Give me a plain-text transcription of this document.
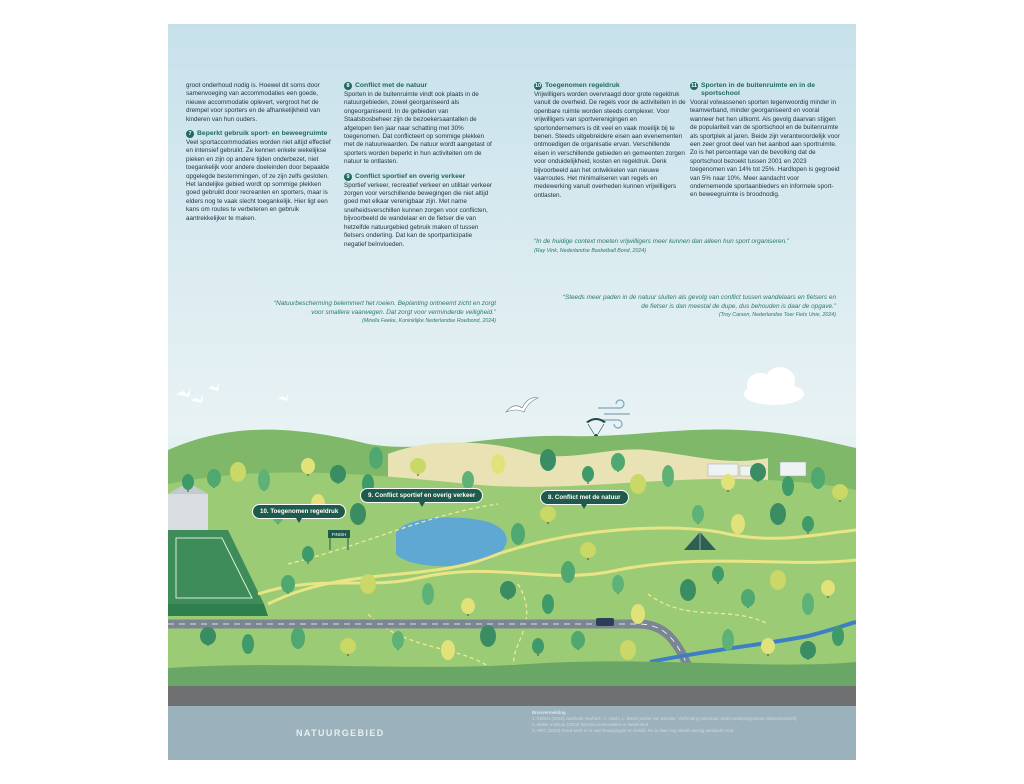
groot onderhoud nodig is. Hoewel dit soms door samenvoeging van accommodaties een goede, nieuwe accommodatie oplevert, vergroot het de drempel voor sporters en de afhankelijkheid van kinderen van hun ouders.

7 Beperkt gebruik sport- en beweegruimte

Veel sportaccommodaties worden niet altijd effectief en intensief gebruikt. Ze kennen enkele wekelijkse pieken en zijn op andere tijden onderbezet, niet toegankelijk voor andere doeleinden door bepaalde opgelegde bestemmingen, of ze zijn zelfs gesloten. Het landelijke gebied wordt op sommige plekken goed gebruikt door recreanten en sporters, maar is elders nog te vaak slecht toegankelijk. Hier ligt een kans om routes te verbeteren en gebruik aantrekkelijker te maken.

8 Conflict met de natuur

Sporten in de buitenruimte vindt ook plaats in de natuurgebieden, zowel georganiseerd als ongeorganiseerd. In de gebieden van Staatsbosbeheer zijn de bezoekersaantallen de afgelopen tien jaar naar schatting met 30% toegenomen. Dat conflicteert op sommige plekken met de natuurwaarden. De natuur wordt aangetast of sporters worden beperkt in hun activiteiten om de natuur te ontlasten.

9 Conflict sportief en overig verkeer

Sportief verkeer, recreatief verkeer en utilitair verkeer zorgen voor verschillende bewegingen die niet altijd goed met elkaar verenigbaar zijn. Met name snelheidsverschillen kunnen zorgen voor conflicten, bijvoorbeeld de wandelaar en de fietser die van hetzelfde natuurgebied gebruik maken of tussen fietsers onderling. Dat kan de sportparticipatie negatief beïnvloeden.

10 Toegenomen regeldruk

Vrijwilligers worden overvraagd door grote regeldruk vanuit de overheid. De regels voor de activiteiten in de openbare ruimte worden steeds complexer. Voor vrijwilligers van sportverenigingen en sportondernemers is dit veel en vaak moeilijk bij te benen. Steeds uitgebreidere eisen aan evenementen ontmoedigen de organisatie ervan. Verschillende eisen in verschillende gebieden en gemeenten zorgen voor onduidelijkheid, kosten en regeldruk. Denk bijvoorbeeld aan het ontwikkelen van nieuwe vaarroutes. Het minimaliseren van regels en medewerking vanuit overheden kunnen vrijwilligers ontlasten.

11 Sporten in de buitenruimte en in de sportschool

Vooral volwassenen sporten tegenwoordig minder in teamverband, minder georganiseerd en vooral wanneer het hen uitkomt. Als gevolg daarvan stijgen de populariteit van de sportschool en de buitenruimte als sportplek al jaren. Beide zijn verantwoordelijk voor een zeer groot deel van het aanbod aan sportruimte. Zo is het percentage van de bevolking dat de sportschool bezoekt tussen 2001 en 2023 toegenomen van 14% tot 25%. Hardlopen is gegroeid van 5% naar 10%. Meer aandacht voor ondernemende sportaanbieders en informele sport- en beweegruimte is broodnodig.

“In de huidige context moeten vrijwilligers meer kunnen dan alleen hun sport organiseren.”
(Ray Vink, Nederlandse Basketball Bond, 2024)
“Natuurbescherming belemmert het roeien. Beplanting ontneemt zicht en zorgt voor smallere vaarwegen. Dat zorgt voor verminderde veiligheid.”
(Mirella Feeke, Koninklijke Nederlandse Roeibond, 2024)
“Steeds meer paden in de natuur sluiten als gevolg van conflict tussen wandelaars en fietsers en de fietser is dan meestal de dupe, dus behouden is daar de opgave.”
(Troy Carsen, Nederlandse Toer Fiets Unie, 2024)
FINISH
10. Toegenomen regeldruk
9. Conflict sportief en overig verkeer	8. Conflict met de natuur
NATUURGEBIED
Bronvermelding
1. KNWU (2023) Jaarboek NvvhwS, C. Abels, L. Beek (online via: website: Verbreding nationaal onderzoeksprogramma Natuurinclusief).
2. Mulier Instituut (2023) Sportaccommodaties in Nederland.
3. NRC (2024) Goed werk te in veel bewegingen en beleid. Nu is daar nog steeds weinig aandacht voor.
